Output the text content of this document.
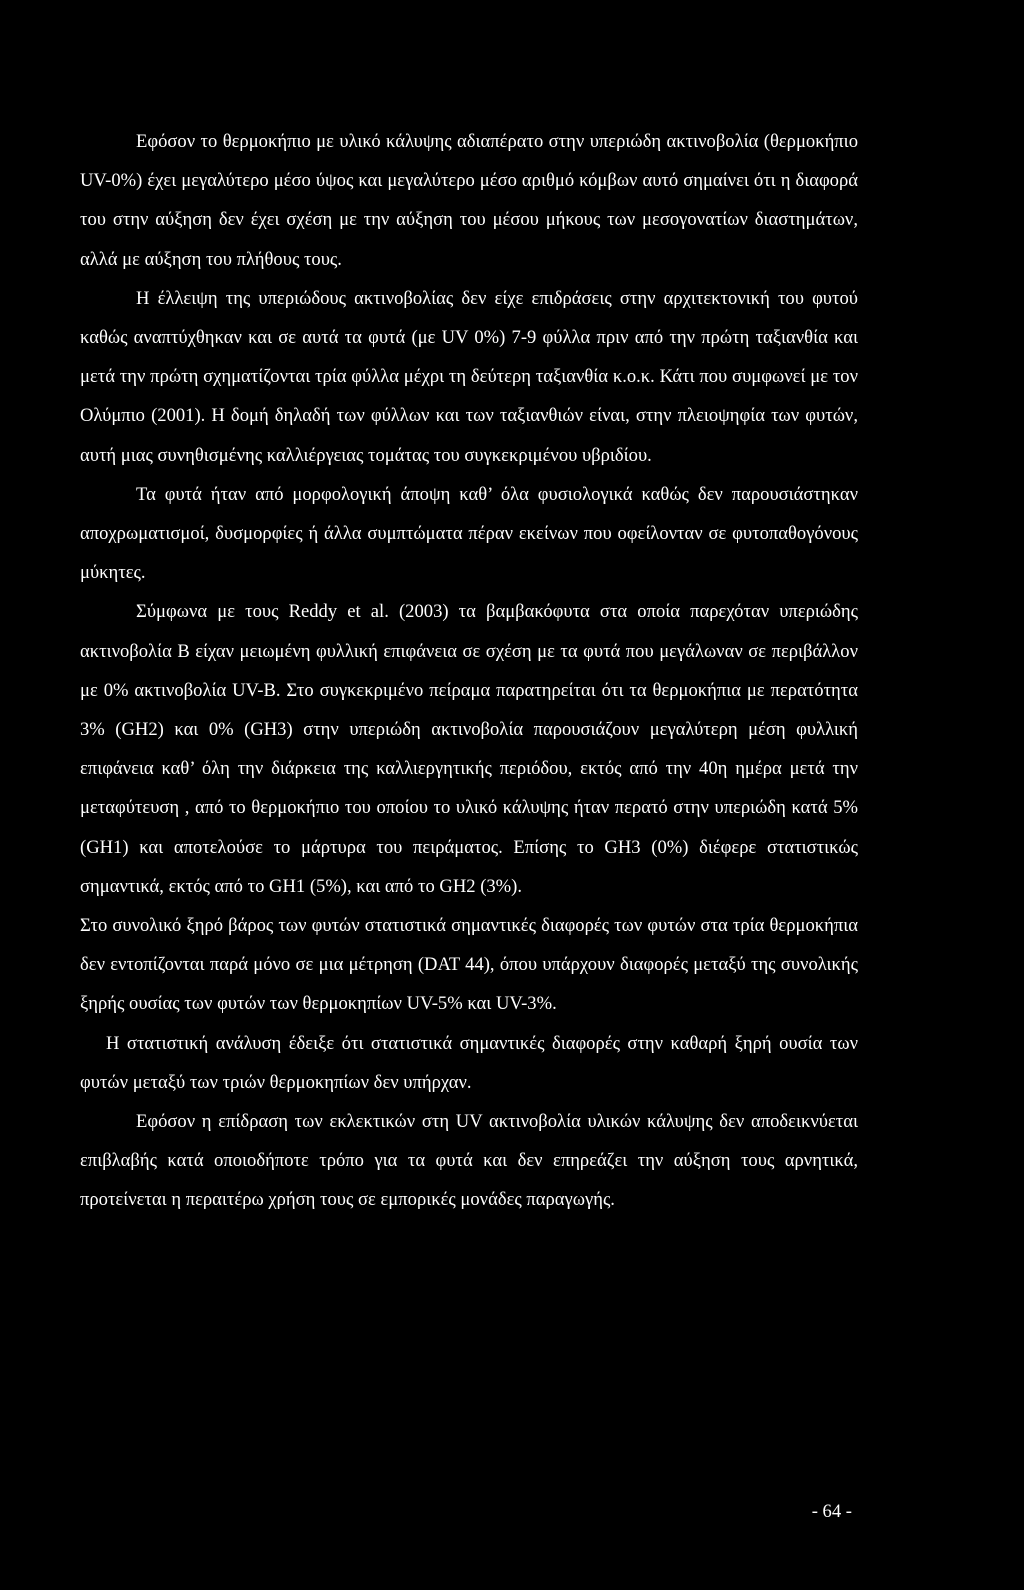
Εφόσον το θερμοκήπιο με υλικό κάλυψης αδιαπέρατο στην υπεριώδη ακτινοβολία (θερμοκήπιο UV-0%) έχει μεγαλύτερο μέσο ύψος και μεγαλύτερο μέσο αριθμό κόμβων αυτό σημαίνει ότι η διαφορά του στην αύξηση δεν έχει σχέση με την αύξηση του μέσου μήκους των μεσογονατίων διαστημάτων, αλλά με αύξηση του πλήθους τους.

Η έλλειψη της υπεριώδους ακτινοβολίας δεν είχε επιδράσεις στην αρχιτεκτονική του φυτού καθώς αναπτύχθηκαν και σε αυτά τα φυτά (με UV 0%) 7-9 φύλλα πριν από την πρώτη ταξιανθία και μετά την πρώτη σχηματίζονται τρία φύλλα μέχρι τη δεύτερη ταξιανθία κ.ο.κ. Κάτι που συμφωνεί με τον Ολύμπιο (2001). Η δομή δηλαδή των φύλλων και των ταξιανθιών είναι, στην πλειοψηφία των φυτών, αυτή μιας συνηθισμένης καλλιέργειας τομάτας του συγκεκριμένου υβριδίου.

Τα φυτά ήταν από μορφολογική άποψη καθ’ όλα φυσιολογικά καθώς δεν παρουσιάστηκαν αποχρωματισμοί, δυσμορφίες ή άλλα συμπτώματα πέραν εκείνων που οφείλονταν σε φυτοπαθογόνους μύκητες.

Σύμφωνα με τους Reddy et al. (2003) τα βαμβακόφυτα στα οποία παρεχόταν υπεριώδης ακτινοβολία Β είχαν μειωμένη φυλλική επιφάνεια σε σχέση με τα φυτά που μεγάλωναν σε περιβάλλον με 0% ακτινοβολία UV-B. Στο συγκεκριμένο πείραμα παρατηρείται ότι τα θερμοκήπια με περατότητα 3% (GH2) και 0% (GH3) στην υπεριώδη ακτινοβολία παρουσιάζουν μεγαλύτερη μέση φυλλική επιφάνεια καθ’ όλη την διάρκεια της καλλιεργητικής περιόδου, εκτός από την 40η ημέρα μετά την μεταφύτευση , από το θερμοκήπιο του οποίου το υλικό κάλυψης ήταν περατό στην υπεριώδη κατά 5% (GH1) και αποτελούσε το μάρτυρα του πειράματος. Επίσης το GH3 (0%) διέφερε στατιστικώς σημαντικά, εκτός από το GH1 (5%), και από το GH2 (3%).

Στο συνολικό ξηρό βάρος των φυτών στατιστικά σημαντικές διαφορές των φυτών στα τρία θερμοκήπια δεν εντοπίζονται παρά μόνο σε μια μέτρηση (DAT 44), όπου υπάρχουν διαφορές μεταξύ της συνολικής ξηρής ουσίας των φυτών των θερμοκηπίων UV-5% και UV-3%.

Η στατιστική ανάλυση έδειξε ότι στατιστικά σημαντικές διαφορές στην καθαρή ξηρή ουσία των φυτών μεταξύ των τριών θερμοκηπίων δεν υπήρχαν.

Εφόσον η επίδραση των εκλεκτικών στη UV ακτινοβολία υλικών κάλυψης δεν αποδεικνύεται επιβλαβής κατά οποιοδήποτε τρόπο για τα φυτά και δεν επηρεάζει την αύξηση τους αρνητικά, προτείνεται η περαιτέρω χρήση τους σε εμπορικές μονάδες παραγωγής.

- 64 -
